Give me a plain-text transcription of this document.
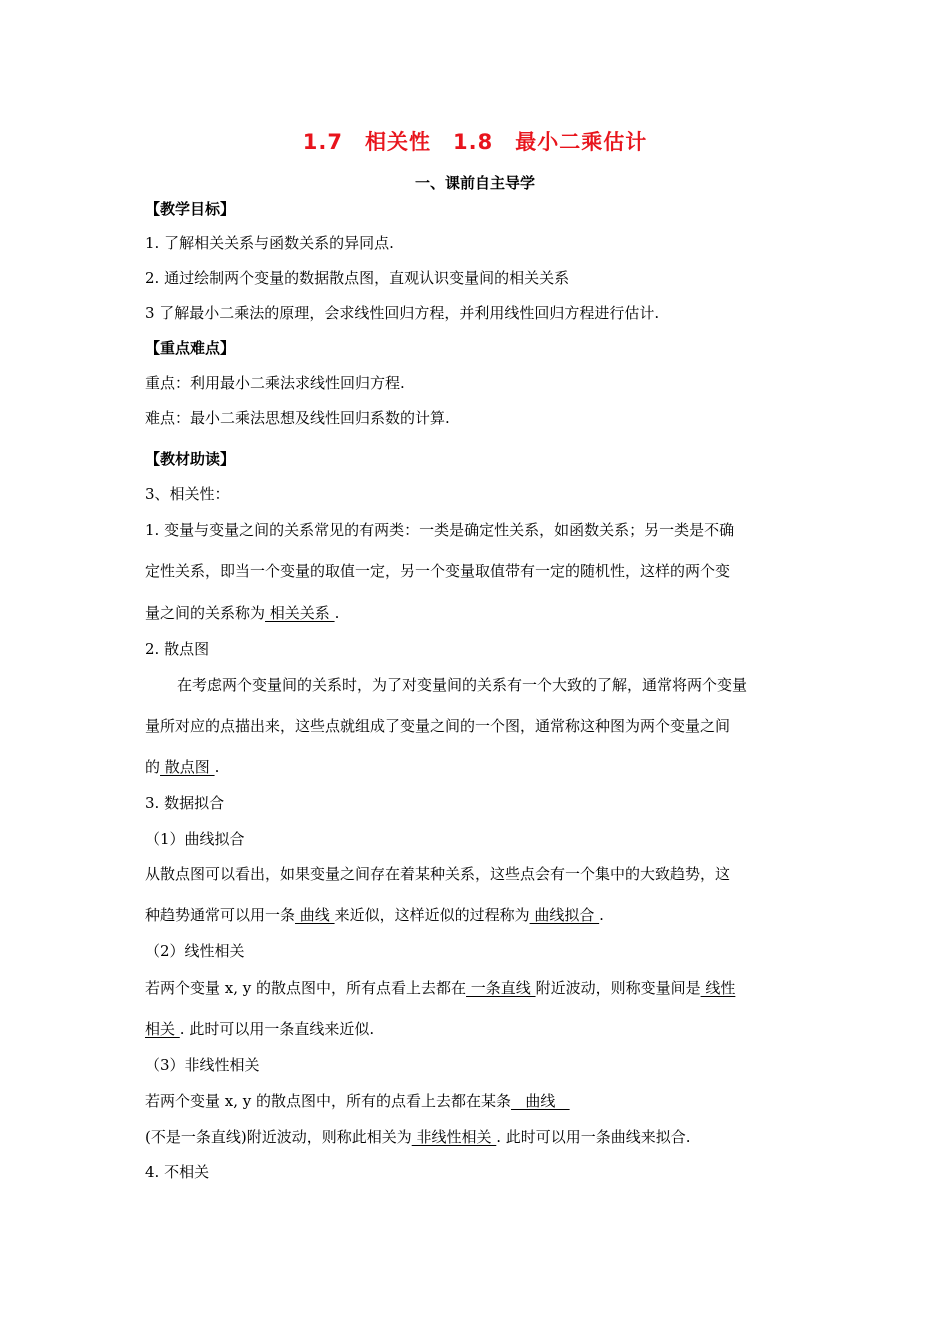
1.7　相关性　1.8　最小二乘估计
一、课前自主导学
【教学目标】
1. 了解相关关系与函数关系的异同点.
2. 通过绘制两个变量的数据散点图，直观认识变量间的相关关系
3 了解最小二乘法的原理，会求线性回归方程，并利用线性回归方程进行估计.
【重点难点】
重点：利用最小二乘法求线性回归方程.
难点：最小二乘法思想及线性回归系数的计算.
【教材助读】
3、相关性：
1. 变量与变量之间的关系常见的有两类：一类是确定性关系，如函数关系；另一类是不确
定性关系，即当一个变量的取值一定，另一个变量取值带有一定的随机性，这样的两个变
量之间的关系称为 相关关系 .
2. 散点图
在考虑两个变量间的关系时，为了对变量间的关系有一个大致的了解，通常将两个变量
量所对应的点描出来，这些点就组成了变量之间的一个图，通常称这种图为两个变量之间
的 散点图 .
3. 数据拟合
（1）曲线拟合
从散点图可以看出，如果变量之间存在着某种关系，这些点会有一个集中的大致趋势，这
种趋势通常可以用一条 曲线 来近似，这样近似的过程称为 曲线拟合 .
（2）线性相关
若两个变量 x, y 的散点图中，所有点看上去都在 一条直线 附近波动，则称变量间是 线性
相关 . 此时可以用一条直线来近似.
（3）非线性相关
若两个变量 x, y 的散点图中，所有的点看上去都在某条   曲线
(不是一条直线)附近波动，则称此相关为 非线性相关 . 此时可以用一条曲线来拟合.
4. 不相关
